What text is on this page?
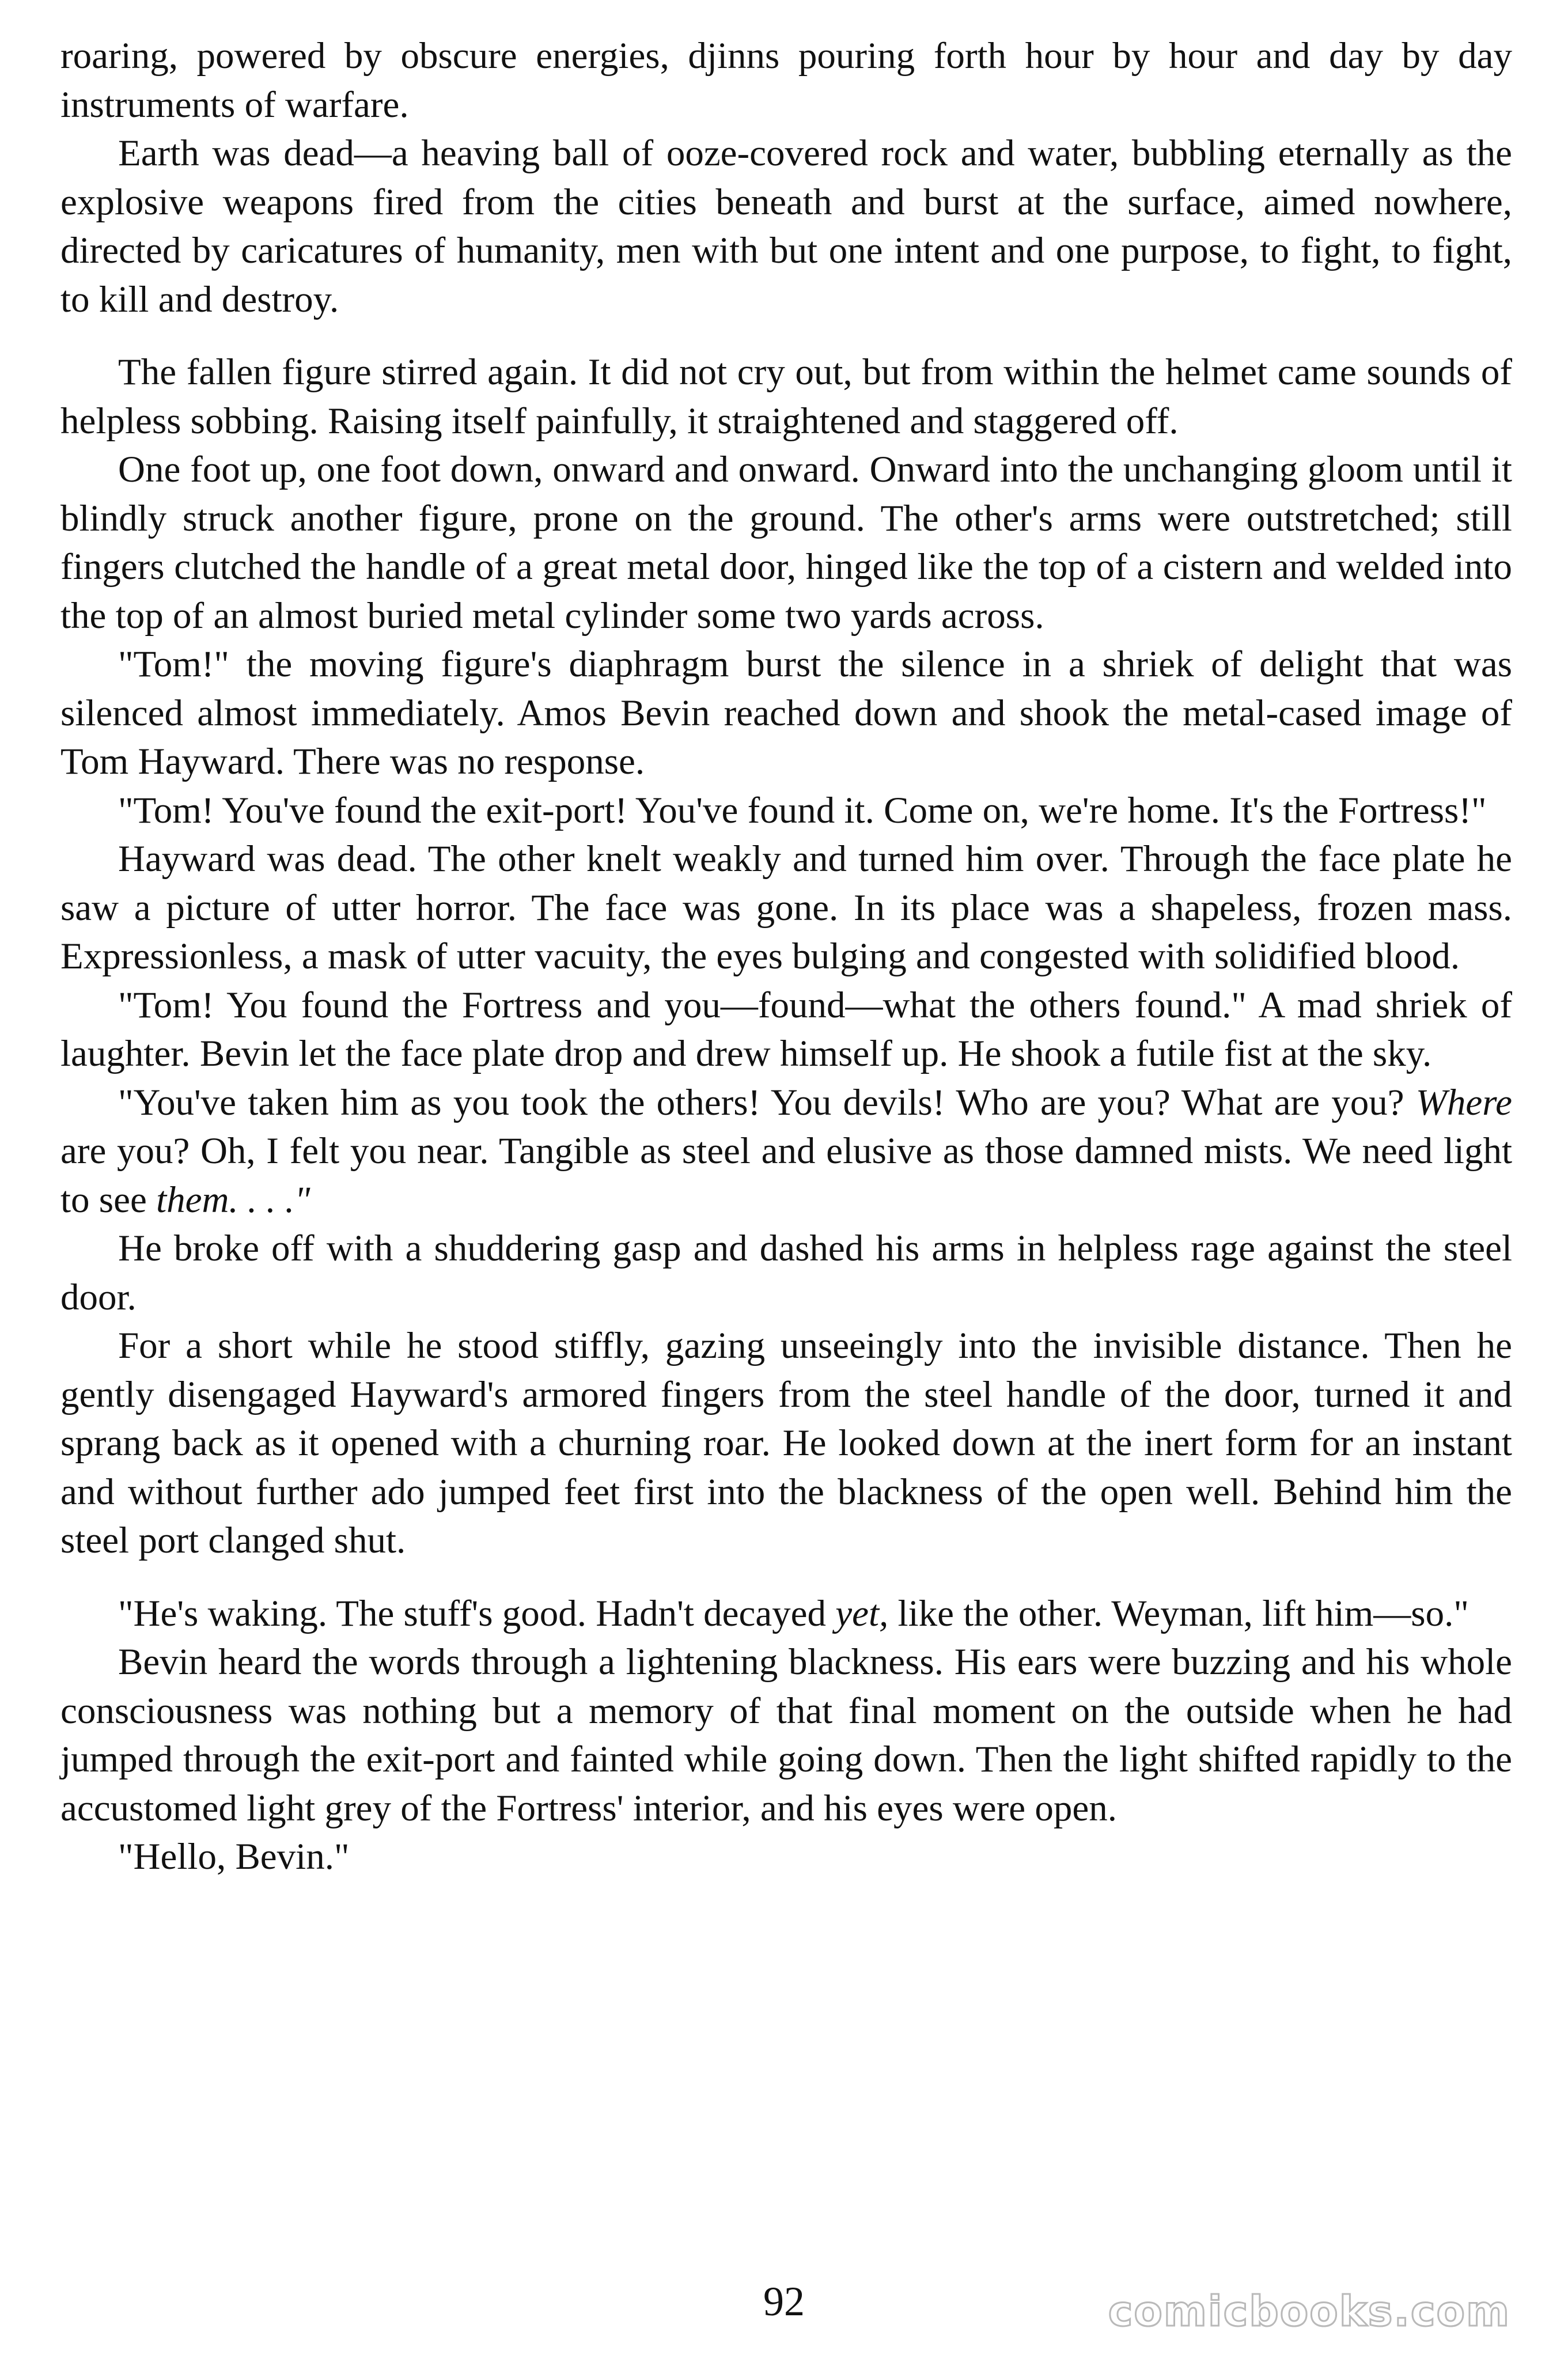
roaring, powered by obscure energies, djinns pouring forth hour by hour and day by day instruments of warfare.

Earth was dead—a heaving ball of ooze-covered rock and water, bubbling eternally as the explosive weapons fired from the cities beneath and burst at the surface, aimed nowhere, directed by caricatures of humanity, men with but one intent and one purpose, to fight, to fight, to kill and destroy.

The fallen figure stirred again. It did not cry out, but from within the helmet came sounds of helpless sobbing. Raising itself painfully, it straightened and staggered off.

One foot up, one foot down, onward and onward. Onward into the unchanging gloom until it blindly struck another figure, prone on the ground. The other's arms were outstretched; still fingers clutched the handle of a great metal door, hinged like the top of a cistern and welded into the top of an almost buried metal cylinder some two yards across.

"Tom!" the moving figure's diaphragm burst the silence in a shriek of delight that was silenced almost immediately. Amos Bevin reached down and shook the metal-cased image of Tom Hayward. There was no response.

"Tom! You've found the exit-port! You've found it. Come on, we're home. It's the Fortress!"

Hayward was dead. The other knelt weakly and turned him over. Through the face plate he saw a picture of utter horror. The face was gone. In its place was a shapeless, frozen mass. Expressionless, a mask of utter vacuity, the eyes bulging and congested with solidified blood.

"Tom! You found the Fortress and you—found—what the others found." A mad shriek of laughter. Bevin let the face plate drop and drew himself up. He shook a futile fist at the sky.

"You've taken him as you took the others! You devils! Who are you? What are you? Where are you? Oh, I felt you near. Tangible as steel and elusive as those damned mists. We need light to see them. . . ."

He broke off with a shuddering gasp and dashed his arms in helpless rage against the steel door.

For a short while he stood stiffly, gazing unseeingly into the invisible distance. Then he gently disengaged Hayward's armored fingers from the steel handle of the door, turned it and sprang back as it opened with a churning roar. He looked down at the inert form for an instant and without further ado jumped feet first into the blackness of the open well. Behind him the steel port clanged shut.

"He's waking. The stuff's good. Hadn't decayed yet, like the other. Weyman, lift him—so."

Bevin heard the words through a lightening blackness. His ears were buzzing and his whole consciousness was nothing but a memory of that final moment on the outside when he had jumped through the exit-port and fainted while going down. Then the light shifted rapidly to the accustomed light grey of the Fortress' interior, and his eyes were open.

"Hello, Bevin."

92	comicbooks.com
